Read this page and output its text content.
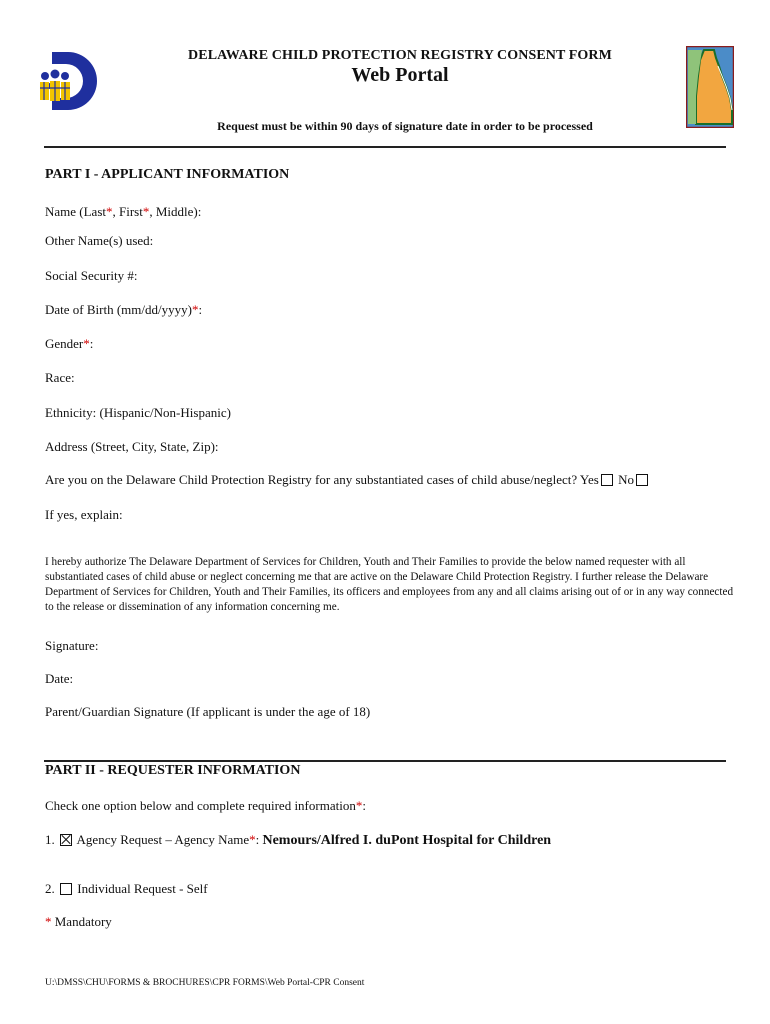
DELAWARE CHILD PROTECTION REGISTRY CONSENT FORM
Web Portal
Request must be within 90 days of signature date in order to be processed
PART I - APPLICANT INFORMATION
Name (Last*, First*, Middle):
Other Name(s) used:
Social Security #:
Date of Birth (mm/dd/yyyy)*:
Gender*:
Race:
Ethnicity: (Hispanic/Non-Hispanic)
Address (Street, City, State, Zip):
Are you on the Delaware Child Protection Registry for any substantiated cases of child abuse/neglect? Yes No
If yes, explain:
I hereby authorize The Delaware Department of Services for Children, Youth and Their Families to provide the below named requester with all substantiated cases of child abuse or neglect concerning me that are active on the Delaware Child Protection Registry. I further release the Delaware Department of Services for Children, Youth and Their Families, its officers and employees from any and all claims arising out of or in any way connected to the release or dissemination of any information concerning me.
Signature:
Date:
Parent/Guardian Signature (If applicant is under the age of 18)
PART II - REQUESTER INFORMATION
Check one option below and complete required information*:
1. Agency Request – Agency Name*: Nemours/Alfred I. duPont Hospital for Children
2. Individual Request - Self
* Mandatory
U:\DMSS\CHU\FORMS & BROCHURES\CPR FORMS\Web Portal-CPR Consent
